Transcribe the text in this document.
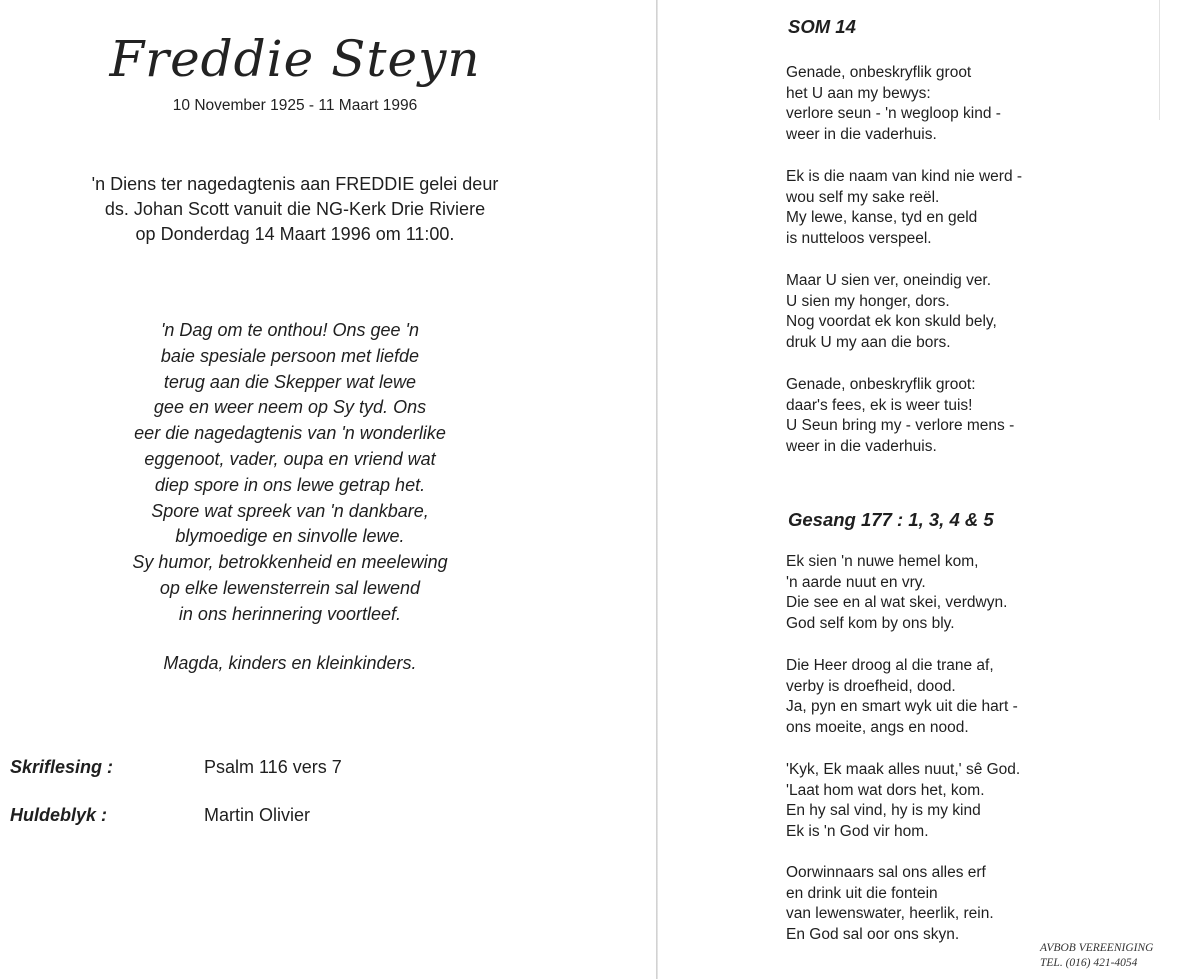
Freddie Steyn

10 November 1925 - 11 Maart 1996

'n Diens ter nagedagtenis aan FREDDIE gelei deur
ds. Johan Scott vanuit die NG-Kerk Drie Riviere
op Donderdag 14 Maart 1996 om 11:00.

'n Dag om te onthou! Ons gee 'n
baie spesiale persoon met liefde
terug aan die Skepper wat lewe
gee en weer neem op Sy tyd. Ons
eer die nagedagtenis van 'n wonderlike
eggenoot, vader, oupa en vriend wat
diep spore in ons lewe getrap het.
Spore wat spreek van 'n dankbare,
blymoedige en sinvolle lewe.
Sy humor, betrokkenheid en meelewing
op elke lewensterrein sal lewend
in ons herinnering voortleef.

Magda, kinders en kleinkinders.

Skriflesing :	Psalm 116 vers 7
Huldeblyk :	Martin Olivier
SOM 14

Genade, onbeskryflik groot
het U aan my bewys:
verlore seun - 'n wegloop kind -
weer in die vaderhuis.

Ek is die naam van kind nie werd -
wou self my sake reël.
My lewe, kanse, tyd en geld
is nutteloos verspeel.

Maar U sien ver, oneindig ver.
U sien my honger, dors.
Nog voordat ek kon skuld bely,
druk U my aan die bors.

Genade, onbeskryflik groot:
daar's fees, ek is weer tuis!
U Seun bring my - verlore mens -
weer in die vaderhuis.

Gesang 177 : 1, 3, 4 & 5

Ek sien 'n nuwe hemel kom,
'n aarde nuut en vry.
Die see en al wat skei, verdwyn.
God self kom by ons bly.

Die Heer droog al die trane af,
verby is droefheid, dood.
Ja, pyn en smart wyk uit die hart -
ons moeite, angs en nood.

'Kyk, Ek maak alles nuut,' sê God.
'Laat hom wat dors het, kom.
En hy sal vind, hy is my kind
Ek is 'n God vir hom.

Oorwinnaars sal ons alles erf
en drink uit die fontein
van lewenswater, heerlik, rein.
En God sal oor ons skyn.

AVBOB VEREENIGING
TEL. (016) 421-4054
